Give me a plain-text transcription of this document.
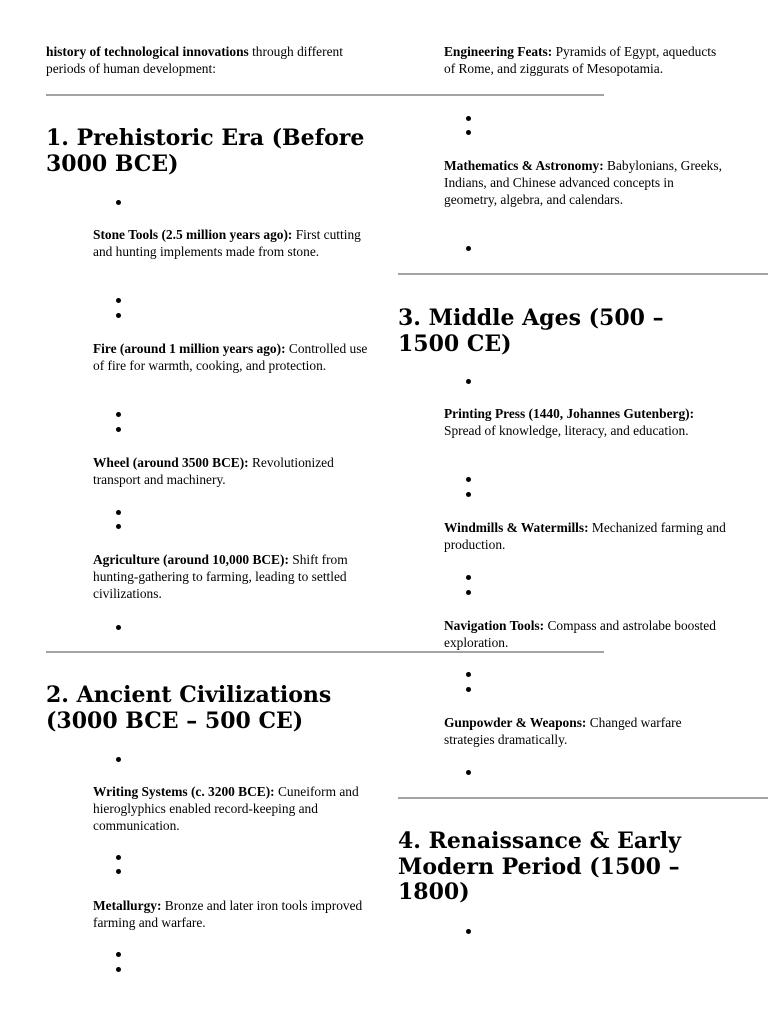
history of technological innovations through different periods of human development:
1. Prehistoric Era (Before 3000 BCE)
Stone Tools (2.5 million years ago): First cutting and hunting implements made from stone.
Fire (around 1 million years ago): Controlled use of fire for warmth, cooking, and protection.
Wheel (around 3500 BCE): Revolutionized transport and machinery.
Agriculture (around 10,000 BCE): Shift from hunting-gathering to farming, leading to settled civilizations.
2. Ancient Civilizations (3000 BCE – 500 CE)
Writing Systems (c. 3200 BCE): Cuneiform and hieroglyphics enabled record-keeping and communication.
Metallurgy: Bronze and later iron tools improved farming and warfare.
Engineering Feats: Pyramids of Egypt, aqueducts of Rome, and ziggurats of Mesopotamia.
Mathematics & Astronomy: Babylonians, Greeks, Indians, and Chinese advanced concepts in geometry, algebra, and calendars.
3. Middle Ages (500 – 1500 CE)
Printing Press (1440, Johannes Gutenberg): Spread of knowledge, literacy, and education.
Windmills & Watermills: Mechanized farming and production.
Navigation Tools: Compass and astrolabe boosted exploration.
Gunpowder & Weapons: Changed warfare strategies dramatically.
4. Renaissance & Early Modern Period (1500 – 1800)
